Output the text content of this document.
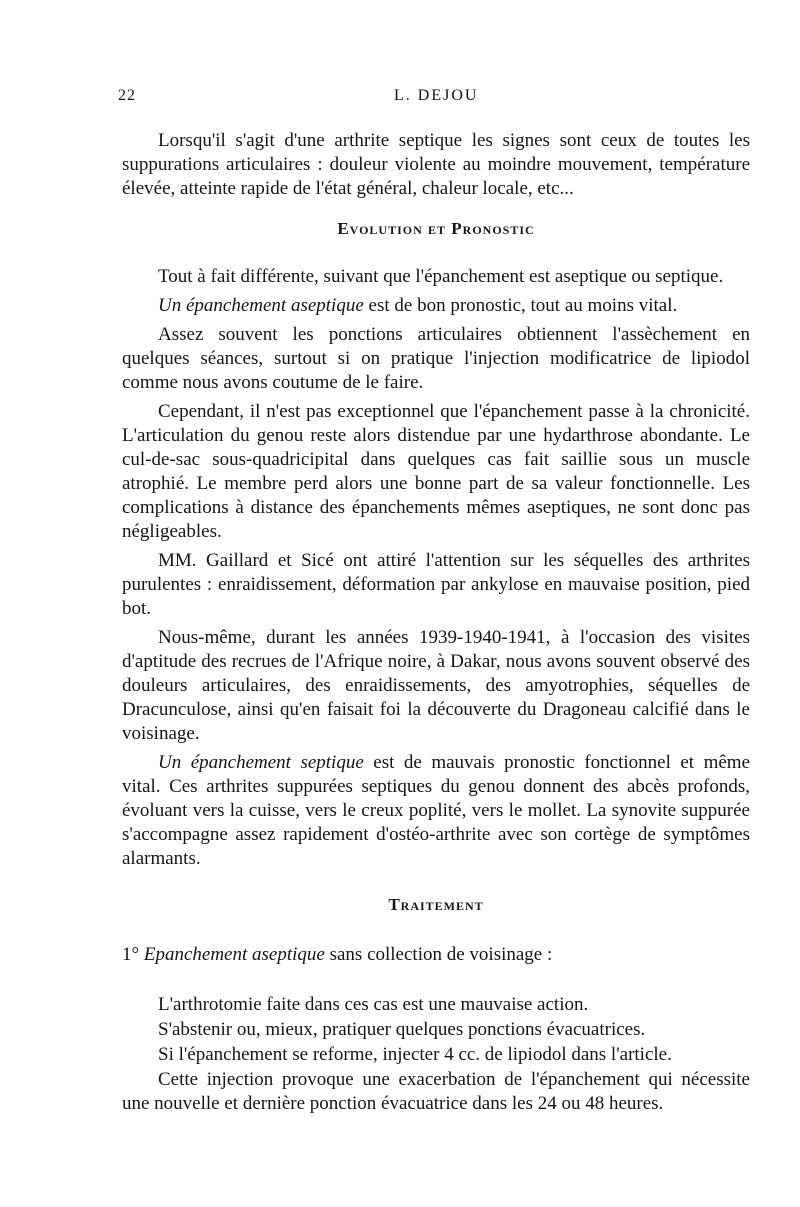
22	L. DEJOU

Lorsqu'il s'agit d'une arthrite septique les signes sont ceux de toutes les suppurations articulaires : douleur violente au moindre mouvement, température élevée, atteinte rapide de l'état général, chaleur locale, etc...

Evolution et Pronostic

Tout à fait différente, suivant que l'épanchement est aseptique ou septique.

Un épanchement aseptique est de bon pronostic, tout au moins vital.

Assez souvent les ponctions articulaires obtiennent l'assèchement en quelques séances, surtout si on pratique l'injection modificatrice de lipiodol comme nous avons coutume de le faire.

Cependant, il n'est pas exceptionnel que l'épanchement passe à la chronicité. L'articulation du genou reste alors distendue par une hydarthrose abondante. Le cul-de-sac sous-quadricipital dans quelques cas fait saillie sous un muscle atrophié. Le membre perd alors une bonne part de sa valeur fonctionnelle. Les complications à distance des épanchements mêmes aseptiques, ne sont donc pas négligeables.

MM. Gaillard et Sicé ont attiré l'attention sur les séquelles des arthrites purulentes : enraidissement, déformation par ankylose en mauvaise position, pied bot.

Nous-même, durant les années 1939-1940-1941, à l'occasion des visites d'aptitude des recrues de l'Afrique noire, à Dakar, nous avons souvent observé des douleurs articulaires, des enraidissements, des amyotrophies, séquelles de Dracunculose, ainsi qu'en faisait foi la découverte du Dragoneau calcifié dans le voisinage.

Un épanchement septique est de mauvais pronostic fonctionnel et même vital. Ces arthrites suppurées septiques du genou donnent des abcès profonds, évoluant vers la cuisse, vers le creux poplité, vers le mollet. La synovite suppurée s'accompagne assez rapidement d'ostéo-arthrite avec son cortège de symptômes alarmants.

Traitement

1° Epanchement aseptique sans collection de voisinage :

L'arthrotomie faite dans ces cas est une mauvaise action.

S'abstenir ou, mieux, pratiquer quelques ponctions évacuatrices.

Si l'épanchement se reforme, injecter 4 cc. de lipiodol dans l'article.

Cette injection provoque une exacerbation de l'épanchement qui nécessite une nouvelle et dernière ponction évacuatrice dans les 24 ou 48 heures.
